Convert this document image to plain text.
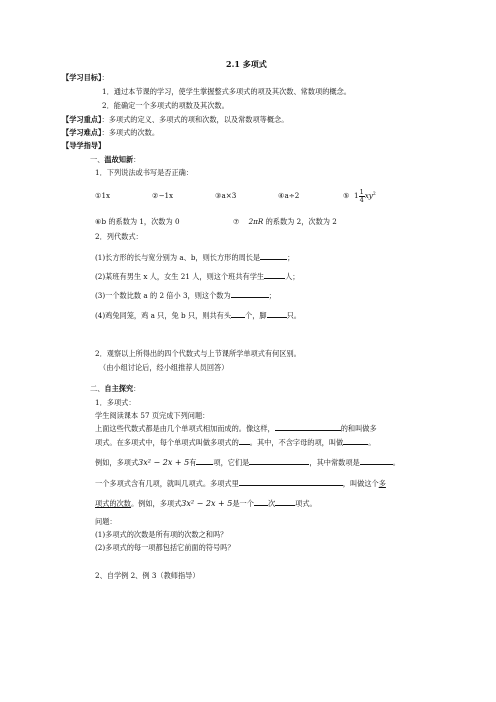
2.1 多项式
【学习目标】：
1．通过本节课的学习，使学生掌握整式多项式的项及其次数、常数项的概念。
2．能确定一个多项式的项数及其次数。
【学习重点】：多项式的定义、多项式的项和次数，以及常数项等概念。
【学习难点】：多项式的次数。
【导学指导】
一、温故知新：
1．下列说法或书写是否正确：
①1x	②−1x	③a×3	④a÷2	⑤ $1 \frac{1}{4} xy^2$
⑥b 的系数为 1，次数为 0	⑦ 2πR 的系数为 2，次数为 2
2．列代数式：
(1)长方形的长与宽分别为 a、b，则长方形的周长是	；
(2)某班有男生 x 人，女生 21 人，则这个班共有学生	人；
(3)一个数比数 a 的 2 倍小 3，则这个数为	；
(4)鸡兔同笼，鸡 a 只，兔 b 只，则共有头 个，脚	只。
2．观察以上所得出的四个代数式与上节课所学单项式有何区别。
（由小组讨论后，经小组推荐人员回答）
二、自主探究：
1．多项式：
学生阅读课本 57 页完成下列问题：
上面这些代数式都是由几个单项式相加而成的。像这样，	的和叫做多
项式。在多项式中，每个单项式叫做多项式的 。其中，不含字母的项，叫做	。
例如，多项式3x² − 2x + 5有 项，它们是	，其中常数项是	。
一个多项式含有几项，就叫几项式。多项式里	，叫做这个多
项式的次数。例如，多项式3x² − 2x + 5是一个 次	项式。
问题：
(1)多项式的次数是所有项的次数之和吗？
(2)多项式的每一项都包括它前面的符号吗？
2、自学例 2、例 3（教师指导）
